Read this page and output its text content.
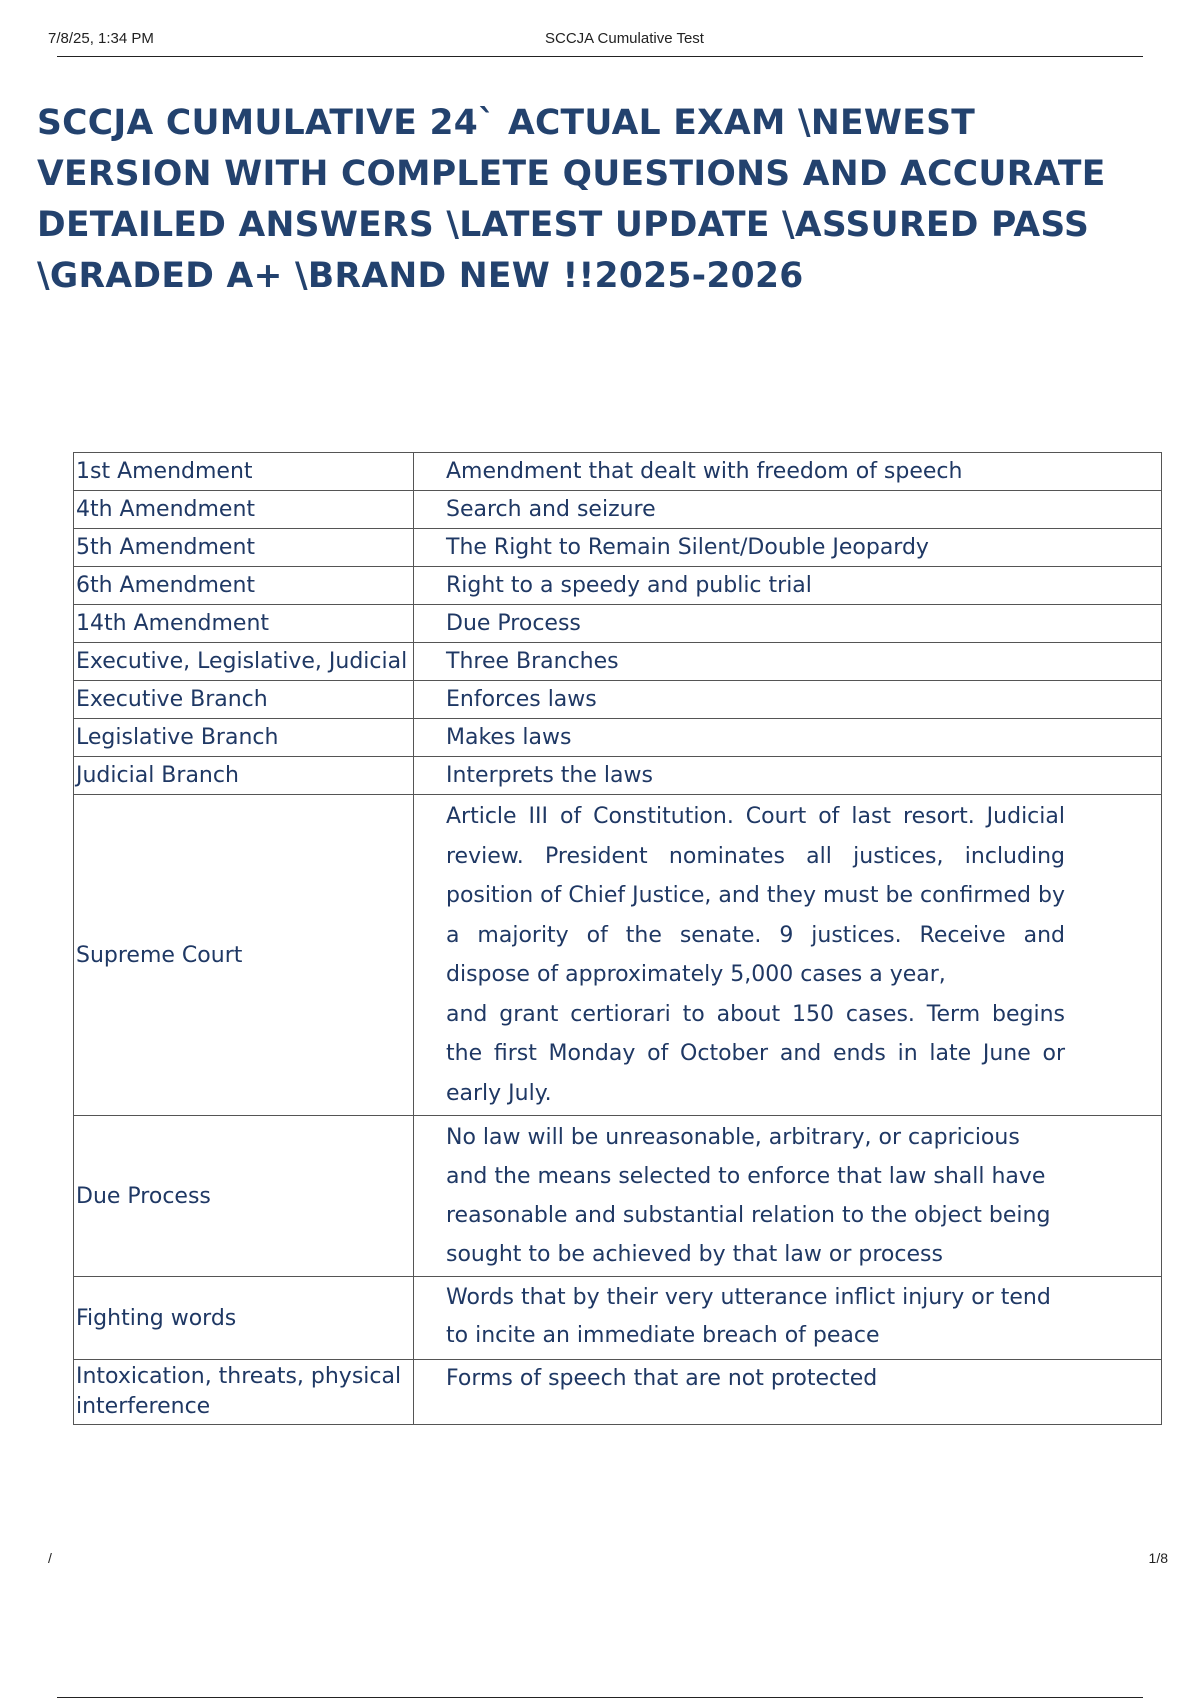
7/8/25, 1:34 PM	SCCJA Cumulative Test
SCCJA CUMULATIVE 24` ACTUAL EXAM \NEWEST
VERSION WITH COMPLETE QUESTIONS AND ACCURATE
DETAILED ANSWERS \LATEST UPDATE \ASSURED PASS
\GRADED A+ \BRAND NEW !!2025-2026
1st Amendment	Amendment that dealt with freedom of speech
4th Amendment	Search and seizure
5th Amendment	The Right to Remain Silent/Double Jeopardy
6th Amendment	Right to a speedy and public trial
14th Amendment	Due Process
Executive, Legislative, Judicial	Three Branches
Executive Branch	Enforces laws
Legislative Branch	Makes laws
Judicial Branch	Interprets the laws
Supreme Court	Article III of Constitution. Court of last resort. Judicial review. President nominates all justices, including position of Chief Justice, and they must be confirmed by a majority of the senate. 9 justices. Receive and dispose of approximately 5,000 cases a year,
and grant certiorari to about 150 cases. Term begins the first Monday of October and ends in late June or early July.

Due Process	No law will be unreasonable, arbitrary, or capricious and the means selected to enforce that law shall have reasonable and substantial relation to the object being sought to be achieved by that law or process
Fighting words	Words that by their very utterance inflict injury or tend to incite an immediate breach of peace
Intoxication, threats, physical interference	Forms of speech that are not protected
/	1/8
